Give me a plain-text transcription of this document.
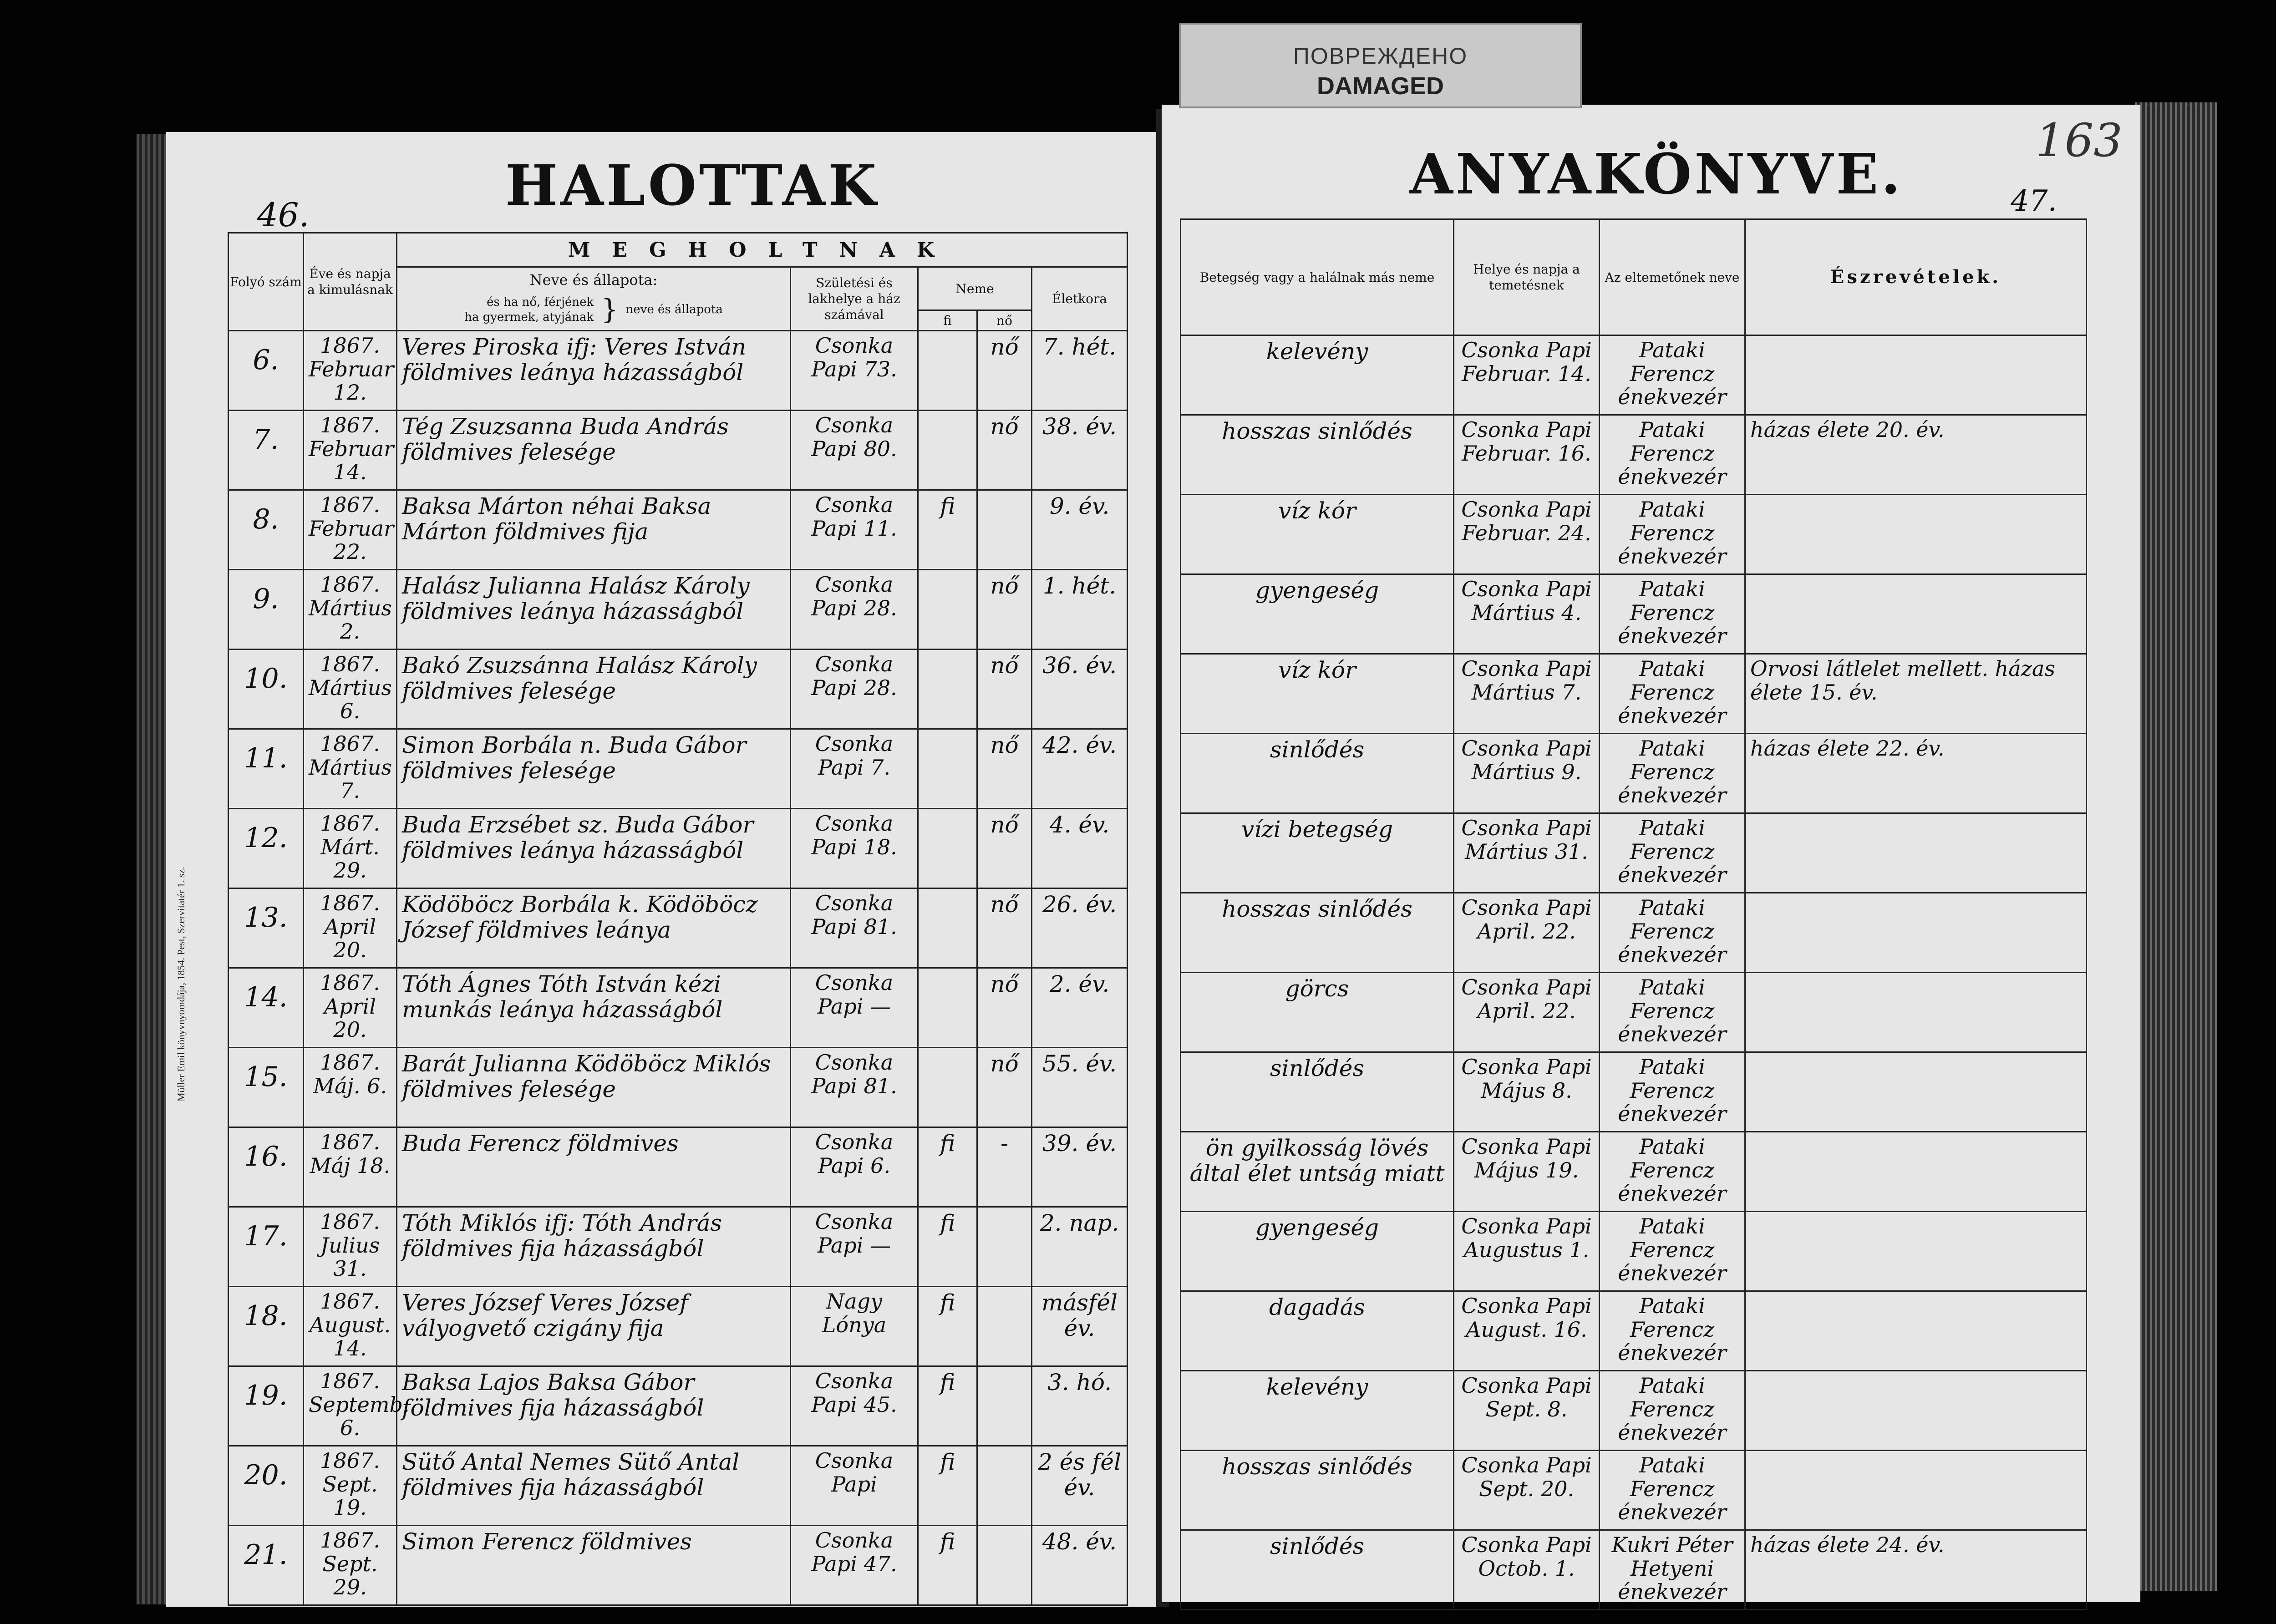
HALOTTAK
46.
Folyó szám	Éve és napja a kimulásnak	MEGHOLTNAK				

		Neve és állapota:
és ha nő, férjének
ha gyermek, atyjának } neve és állapota	Születési és lakhelye a ház számával	Neme		Életkora
				fi	nő	

6.	1867. Februar 12.	Veres Piroska ifj: Veres István földmives leánya házasságból	Csonka Papi 73.		nő	7. hét.

7.	1867. Februar 14.	Tég Zsuzsanna Buda András földmives felesége	Csonka Papi 80.		nő	38. év.

8.	1867. Februar 22.	Baksa Márton néhai Baksa Márton földmives fija	Csonka Papi 11.	fi		9. év.

9.	1867. Mártius 2.	Halász Julianna Halász Károly földmives leánya házasságból	Csonka Papi 28.		nő	1. hét.

10.	1867. Mártius 6.	Bakó Zsuzsánna Halász Károly földmives felesége	Csonka Papi 28.		nő	36. év.

11.	1867. Mártius 7.	Simon Borbála n. Buda Gábor földmives felesége	Csonka Papi 7.		nő	42. év.

12.	1867. Márt. 29.	Buda Erzsébet sz. Buda Gábor földmives leánya házasságból	Csonka Papi 18.		nő	4. év.

13.	1867. April 20.	Ködöböcz Borbála k. Ködöböcz József földmives leánya	Csonka Papi 81.		nő	26. év.

14.	1867. April 20.	Tóth Ágnes Tóth István kézi munkás leánya házasságból	Csonka Papi —		nő	2. év.

15.	1867. Máj. 6.	Barát Julianna Ködöböcz Miklós földmives felesége	Csonka Papi 81.		nő	55. év.

16.	1867. Máj 18.	Buda Ferencz földmives	Csonka Papi 6.	fi	-	39. év.

17.	1867. Julius 31.	Tóth Miklós ifj: Tóth András földmives fija házasságból	Csonka Papi —	fi		2. nap.

18.	1867. August. 14.	Veres József Veres József vályogvető czigány fija	Nagy Lónya	fi		másfél év.

19.	1867. Septemb. 6.	Baksa Lajos Baksa Gábor földmives fija házasságból	Csonka Papi 45.	fi		3. hó.

20.	1867. Sept. 19.	Sütő Antal Nemes Sütő Antal földmives fija házasságból	Csonka Papi	fi		2 és fél év.

21.	1867. Sept. 29.	Simon Ferencz földmives	Csonka Papi 47.	fi		48. év.
Müller Emil könyvnyomdája, 1854. Pest, Szervitatér 1. sz.
ANYAKÖNYVE.	47.
163
Betegség vagy a halálnak más neme	Helye és napja a temetésnek	Az eltemetőnek neve	Észrevételek.

kelevény	Csonka Papi Februar. 14.	Pataki Ferencz énekvezér	

hosszas sinlődés	Csonka Papi Februar. 16.	Pataki Ferencz énekvezér	házas élete 20. év.

víz kór	Csonka Papi Februar. 24.	Pataki Ferencz énekvezér	

gyengeség	Csonka Papi Mártius 4.	Pataki Ferencz énekvezér	

víz kór	Csonka Papi Mártius 7.	Pataki Ferencz énekvezér	Orvosi látlelet mellett. házas élete 15. év.

sinlődés	Csonka Papi Mártius 9.	Pataki Ferencz énekvezér	házas élete 22. év.

vízi betegség	Csonka Papi Mártius 31.	Pataki Ferencz énekvezér	

hosszas sinlődés	Csonka Papi April. 22.	Pataki Ferencz énekvezér	

görcs	Csonka Papi April. 22.	Pataki Ferencz énekvezér	

sinlődés	Csonka Papi Május 8.	Pataki Ferencz énekvezér	

ön gyilkosság lövés által élet untság miatt	Csonka Papi Május 19.	Pataki Ferencz énekvezér	

gyengeség	Csonka Papi Augustus 1.	Pataki Ferencz énekvezér	

dagadás	Csonka Papi August. 16.	Pataki Ferencz énekvezér	

kelevény	Csonka Papi Sept. 8.	Pataki Ferencz énekvezér	

hosszas sinlődés	Csonka Papi Sept. 20.	Pataki Ferencz énekvezér	

sinlődés	Csonka Papi Octob. 1.	Kukri Péter Hetyeni énekvezér	házas élete 24. év.
ПОВРЕЖДЕНО
DAMAGED
